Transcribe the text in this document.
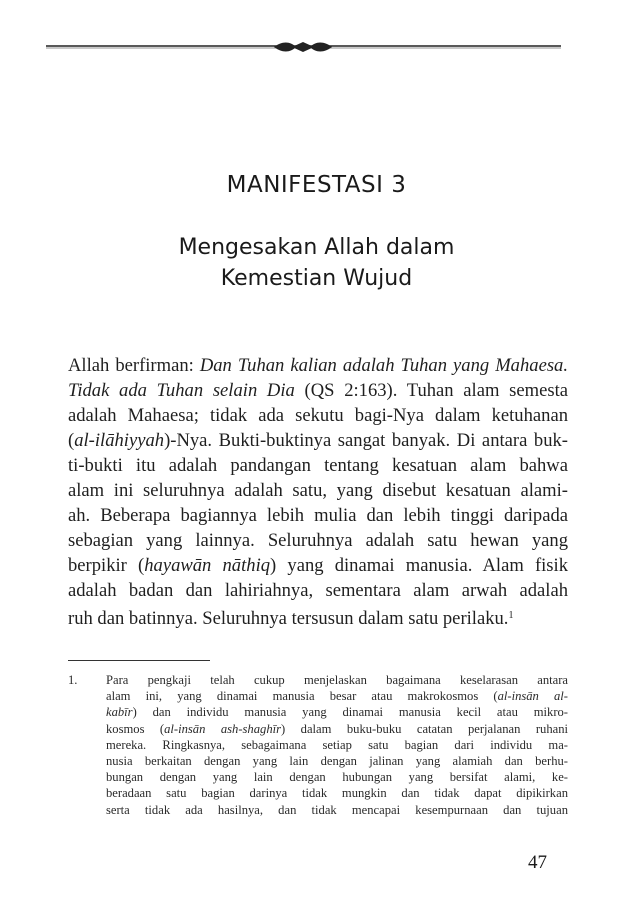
MANIFESTASI 3
Mengesakan Allah dalam
Kemestian Wujud
Allah berfirman: Dan Tuhan kalian adalah Tuhan yang Mahaesa.
Tidak ada Tuhan selain Dia (QS 2:163). Tuhan alam semesta
adalah Mahaesa; tidak ada sekutu bagi-Nya dalam ketuhanan
(al-ilāhiyyah)-Nya. Bukti-buktinya sangat banyak. Di antara buk-
ti-bukti itu adalah pandangan tentang kesatuan alam bahwa
alam ini seluruhnya adalah satu, yang disebut kesatuan alami-
ah. Beberapa bagiannya lebih mulia dan lebih tinggi daripada
sebagian yang lainnya. Seluruhnya adalah satu hewan yang
berpikir (hayawān nāthiq) yang dinamai manusia. Alam fisik
adalah badan dan lahiriahnya, sementara alam arwah adalah
ruh dan batinnya. Seluruhnya tersusun dalam satu perilaku.$^1$
1. Para pengkaji telah cukup menjelaskan bagaimana keselarasan antara
alam ini, yang dinamai manusia besar atau makrokosmos (al-insān al-
kabīr) dan individu manusia yang dinamai manusia kecil atau mikro-
kosmos (al-insān ash-shaghīr) dalam buku-buku catatan perjalanan ruhani
mereka. Ringkasnya, sebagaimana setiap satu bagian dari individu ma-
nusia berkaitan dengan yang lain dengan jalinan yang alamiah dan berhu-
bungan dengan yang lain dengan hubungan yang bersifat alami, ke-
beradaan satu bagian darinya tidak mungkin dan tidak dapat dipikirkan
serta tidak ada hasilnya, dan tidak mencapai kesempurnaan dan tujuan
47
